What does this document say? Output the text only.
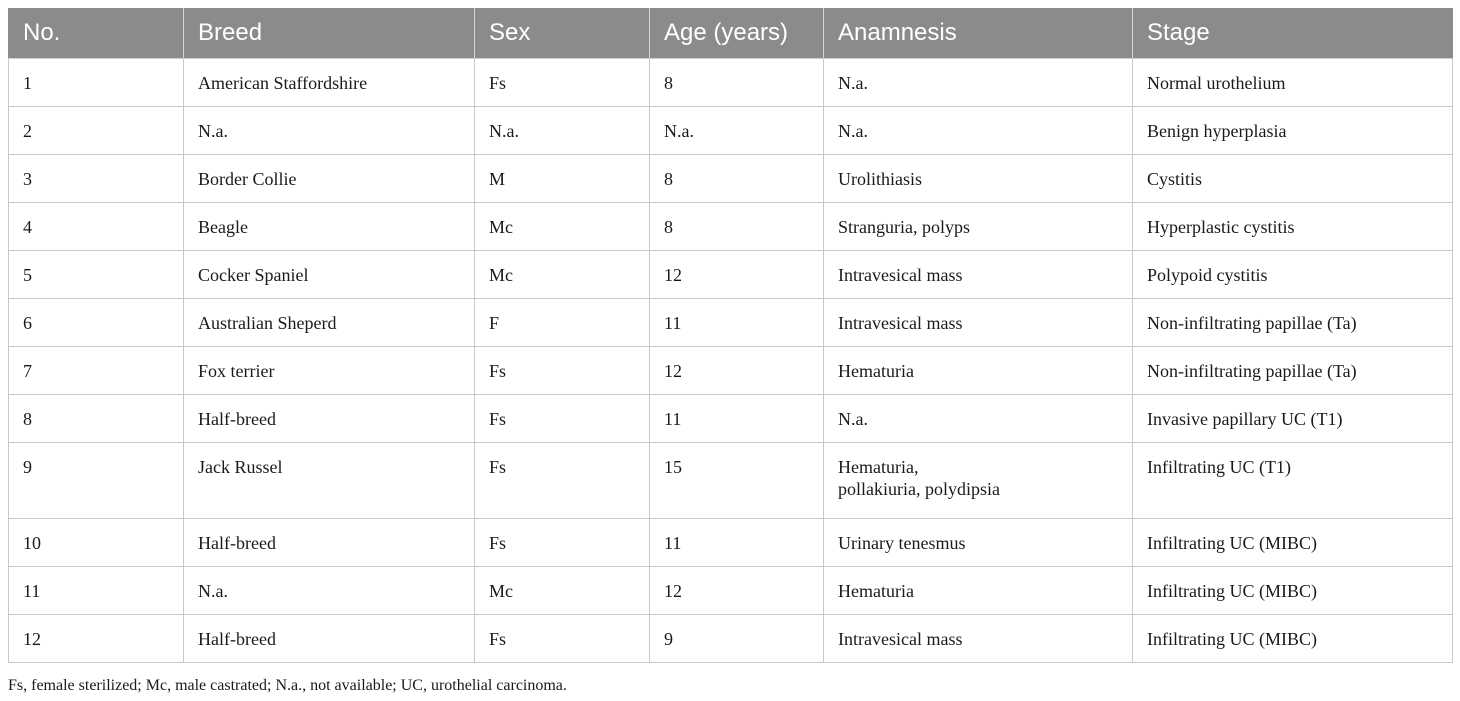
No.	Breed	Sex	Age (years)	Anamnesis	Stage
1	American Staffordshire	Fs	8	N.a.	Normal urothelium
2	N.a.	N.a.	N.a.	N.a.	Benign hyperplasia
3	Border Collie	M	8	Urolithiasis	Cystitis
4	Beagle	Mc	8	Stranguria, polyps	Hyperplastic cystitis
5	Cocker Spaniel	Mc	12	Intravesical mass	Polypoid cystitis
6	Australian Sheperd	F	11	Intravesical mass	Non-infiltrating papillae (Ta)
7	Fox terrier	Fs	12	Hematuria	Non-infiltrating papillae (Ta)
8	Half-breed	Fs	11	N.a.	Invasive papillary UC (T1)
9	Jack Russel	Fs	15	Hematuria,
pollakiuria, polydipsia	Infiltrating UC (T1)
10	Half-breed	Fs	11	Urinary tenesmus	Infiltrating UC (MIBC)
11	N.a.	Mc	12	Hematuria	Infiltrating UC (MIBC)
12	Half-breed	Fs	9	Intravesical mass	Infiltrating UC (MIBC)
Fs, female sterilized; Mc, male castrated; N.a., not available; UC, urothelial carcinoma.
